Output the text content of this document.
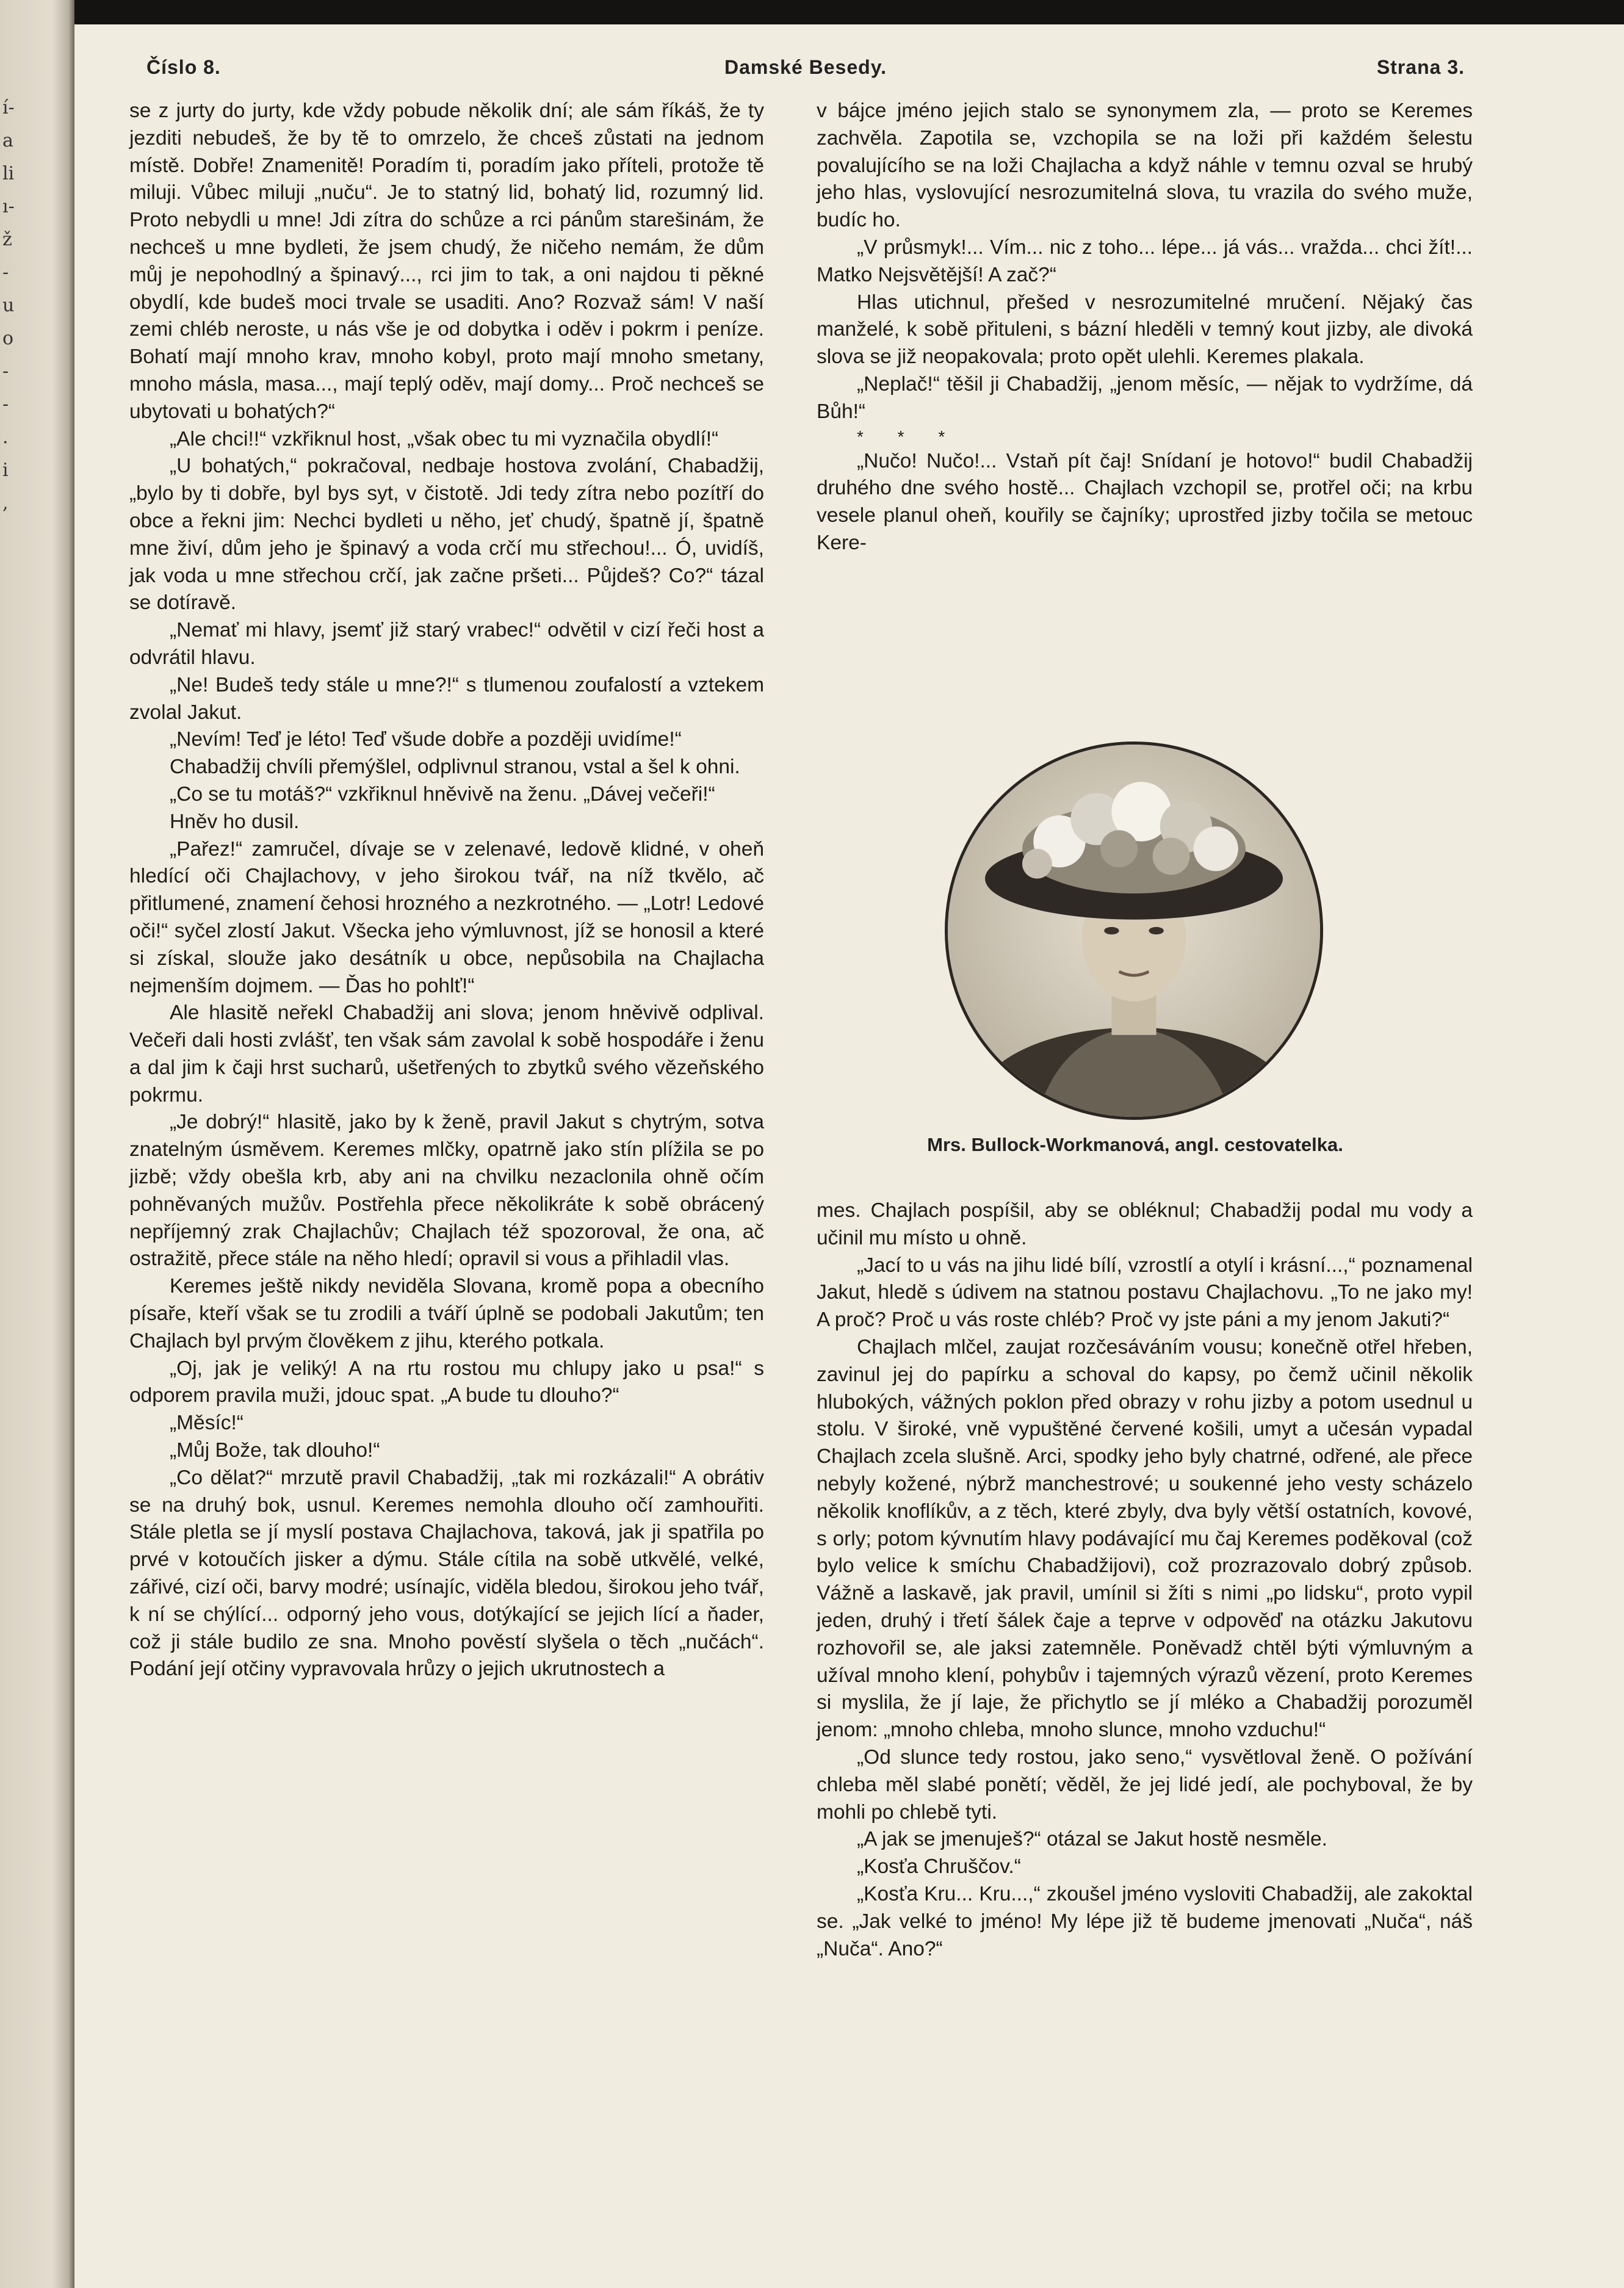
í-
a
li
ı-
ž
-
u
o
-
-
.
i
,
Číslo 8.	Damské Besedy.	Strana 3.

se z jurty do jurty, kde vždy pobude několik dní; ale sám říkáš, že ty jezditi nebudeš, že by tě to omrzelo, že chceš zůstati na jednom místě. Dobře! Znamenitě! Poradím ti, poradím jako příteli, protože tě miluji. Vůbec miluji „nuču“. Je to statný lid, bohatý lid, rozumný lid. Proto nebydli u mne! Jdi zítra do schůze a rci pánům starešinám, že nechceš u mne bydleti, že jsem chudý, že ničeho nemám, že dům můj je nepohodlný a špinavý..., rci jim to tak, a oni najdou ti pěkné obydlí, kde budeš moci trvale se usaditi. Ano? Rozvaž sám! V naší zemi chléb neroste, u nás vše je od dobytka i oděv i pokrm i peníze. Bohatí mají mnoho krav, mnoho kobyl, proto mají mnoho smetany, mnoho másla, masa..., mají teplý oděv, mají domy... Proč nechceš se ubytovati u bohatých?“

„Ale chci!!“ vzkřiknul host, „však obec tu mi vyznačila obydlí!“

„U bohatých,“ pokračoval, nedbaje hostova zvolání, Chabadžij, „bylo by ti dobře, byl bys syt, v čistotě. Jdi tedy zítra nebo pozítří do obce a řekni jim: Nechci bydleti u něho, jeť chudý, špatně jí, špatně mne živí, dům jeho je špinavý a voda crčí mu střechou!... Ó, uvidíš, jak voda u mne střechou crčí, jak začne pršeti... Půjdeš? Co?“ tázal se dotíravě.

„Nemať mi hlavy, jsemť již starý vrabec!“ odvětil v cizí řeči host a odvrátil hlavu.

„Ne! Budeš tedy stále u mne?!“ s tlumenou zoufalostí a vztekem zvolal Jakut.

„Nevím! Teď je léto! Teď všude dobře a později uvidíme!“

Chabadžij chvíli přemýšlel, odplivnul stranou, vstal a šel k ohni.

„Co se tu motáš?“ vzkřiknul hněvivě na ženu. „Dávej večeři!“

Hněv ho dusil.

„Pařez!“ zamručel, dívaje se v zelenavé, ledově klidné, v oheň hledící oči Chajlachovy, v jeho širokou tvář, na níž tkvělo, ač přitlumené, znamení čehosi hrozného a nezkrotného. — „Lotr! Ledové oči!“ syčel zlostí Jakut. Všecka jeho výmluvnost, jíž se honosil a které si získal, slouže jako desátník u obce, nepůsobila na Chajlacha nejmenším dojmem. — Ďas ho pohlť!“

Ale hlasitě neřekl Chabadžij ani slova; jenom hněvivě odplival. Večeři dali hosti zvlášť, ten však sám zavolal k sobě hospodáře i ženu a dal jim k čaji hrst sucharů, ušetřených to zbytků svého vězeňského pokrmu.

„Je dobrý!“ hlasitě, jako by k ženě, pravil Jakut s chytrým, sotva znatelným úsměvem. Keremes mlčky, opatrně jako stín plížila se po jizbě; vždy obešla krb, aby ani na chvilku nezaclonila ohně očím pohněvaných mužův. Postřehla přece několikráte k sobě obrácený nepříjemný zrak Chajlachův; Chajlach též spozoroval, že ona, ač ostražitě, přece stále na něho hledí; opravil si vous a přihladil vlas.

Keremes ještě nikdy neviděla Slovana, kromě popa a obecního písaře, kteří však se tu zrodili a tváří úplně se podobali Jakutům; ten Chajlach byl prvým člověkem z jihu, kterého potkala.

„Oj, jak je veliký! A na rtu rostou mu chlupy jako u psa!“ s odporem pravila muži, jdouc spat. „A bude tu dlouho?“

„Měsíc!“

„Můj Bože, tak dlouho!“

„Co dělat?“ mrzutě pravil Chabadžij, „tak mi rozkázali!“ A obrátiv se na druhý bok, usnul. Keremes nemohla dlouho očí zamhouřiti. Stále pletla se jí myslí postava Chajlachova, taková, jak ji spatřila po prvé v kotoučích jisker a dýmu. Stále cítila na sobě utkvělé, velké, zářivé, cizí oči, barvy modré; usínajíc, viděla bledou, širokou jeho tvář, k ní se chýlící... odporný jeho vous, dotýkající se jejich lící a ňader, což ji stále budilo ze sna. Mnoho pověstí slyšela o těch „nučách“. Podání její otčiny vypravovala hrůzy o jejich ukrutnostech a

v bájce jméno jejich stalo se synonymem zla, — proto se Keremes zachvěla. Zapotila se, vzchopila se na loži při každém šelestu povalujícího se na loži Chajlacha a když náhle v temnu ozval se hrubý jeho hlas, vyslovující nesrozumitelná slova, tu vrazila do svého muže, budíc ho.

„V průsmyk!... Vím... nic z toho... lépe... já vás... vražda... chci žít!... Matko Nejsvětější! A zač?“

Hlas utichnul, přešed v nesrozumitelné mručení. Nějaký čas manželé, k sobě přituleni, s bázní hleděli v temný kout jizby, ale divoká slova se již neopakovala; proto opět ulehli. Keremes plakala.

„Neplač!“ těšil ji Chabadžij, „jenom měsíc, — nějak to vydržíme, dá Bůh!“

* * *

„Nučo! Nučo!... Vstaň pít čaj! Snídaní je hotovo!“ budil Chabadžij druhého dne svého hostě... Chajlach vzchopil se, protřel oči; na krbu vesele planul oheň, kouřily se čajníky; uprostřed jizby točila se metouc Kere-

Mrs. Bullock-Workmanová, angl. cestovatelka.

mes. Chajlach pospíšil, aby se obléknul; Chabadžij podal mu vody a učinil mu místo u ohně.

„Jací to u vás na jihu lidé bílí, vzrostlí a otylí i krásní...,“ poznamenal Jakut, hledě s údivem na statnou postavu Chajlachovu. „To ne jako my! A proč? Proč u vás roste chléb? Proč vy jste páni a my jenom Jakuti?“

Chajlach mlčel, zaujat rozčesáváním vousu; konečně otřel hřeben, zavinul jej do papírku a schoval do kapsy, po čemž učinil několik hlubokých, vážných poklon před obrazy v rohu jizby a potom usednul u stolu. V široké, vně vypuštěné červené košili, umyt a učesán vypadal Chajlach zcela slušně. Arci, spodky jeho byly chatrné, odřené, ale přece nebyly kožené, nýbrž manchestrové; u soukenné jeho vesty scházelo několik knoflíkův, a z těch, které zbyly, dva byly větší ostatních, kovové, s orly; potom kývnutím hlavy podávající mu čaj Keremes poděkoval (což bylo velice k smíchu Chabadžijovi), což prozrazovalo dobrý způsob. Vážně a laskavě, jak pravil, umínil si žíti s nimi „po lidsku“, proto vypil jeden, druhý i třetí šálek čaje a teprve v odpověď na otázku Jakutovu rozhovořil se, ale jaksi zatemněle. Poněvadž chtěl býti výmluvným a užíval mnoho klení, pohybův i tajemných výrazů vězení, proto Keremes si myslila, že jí laje, že přichytlo se jí mléko a Chabadžij porozuměl jenom: „mnoho chleba, mnoho slunce, mnoho vzduchu!“

„Od slunce tedy rostou, jako seno,“ vysvětloval ženě. O požívání chleba měl slabé ponětí; věděl, že jej lidé jedí, ale pochyboval, že by mohli po chlebě tyti.

„A jak se jmenuješ?“ otázal se Jakut hostě nesměle.

„Kosťa Chruščov.“

„Kosťa Kru... Kru...,“ zkoušel jméno vysloviti Chabadžij, ale zakoktal se. „Jak velké to jméno! My lépe již tě budeme jmenovati „Nuča“, náš „Nuča“. Ano?“
